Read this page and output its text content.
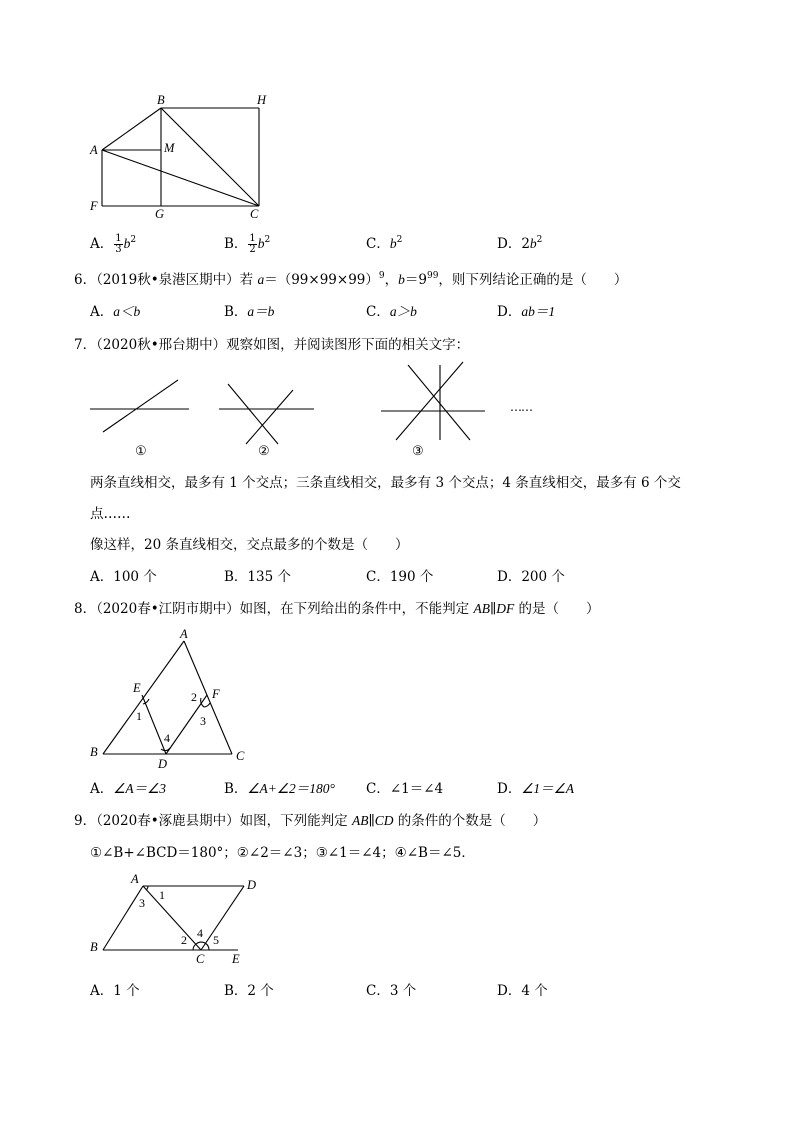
B	H
A	M
F
G	C
A． $\frac{1}{3} b^2$	B． $\frac{1}{2} b^2$	C．$b^2$	D．$2b^2$
6．（2019秋•泉港区期中）若 $a=(99\times 99\times 99)^9$，$b=9^{99}$，则下列结论正确的是（　　）
A．a＜b	B．a＝b	C．a＞b	D．ab＝1
7．（2020秋•邢台期中）观察如图，并阅读图形下面的相关文字：
……
①	②	③
两条直线相交，最多有 1 个交点；三条直线相交，最多有 3 个交点；4 条直线相交，最多有 6 个交
点……
像这样，20 条直线相交，交点最多的个数是（　　）
A．100 个	B．135 个	C．190 个	D．200 个
8．（2020春•江阴市期中）如图，在下列给出的条件中，不能判定 AB∥DF 的是（　　）
A
E	F
B
D
C
1
2
3
4
A．∠A＝∠3	B．∠A+∠2＝180° C．∠1＝∠4	D．∠1＝∠A
9．（2020春•涿鹿县期中）如图，下列能判定 AB∥CD 的条件的个数是（　　）
①∠B+∠BCD＝180°；②∠2＝∠3；③∠1＝∠4；④∠B＝∠5．
A	D
B
C E
1
3
2 4 5
A．1 个	B．2 个	C．3 个	D．4 个
